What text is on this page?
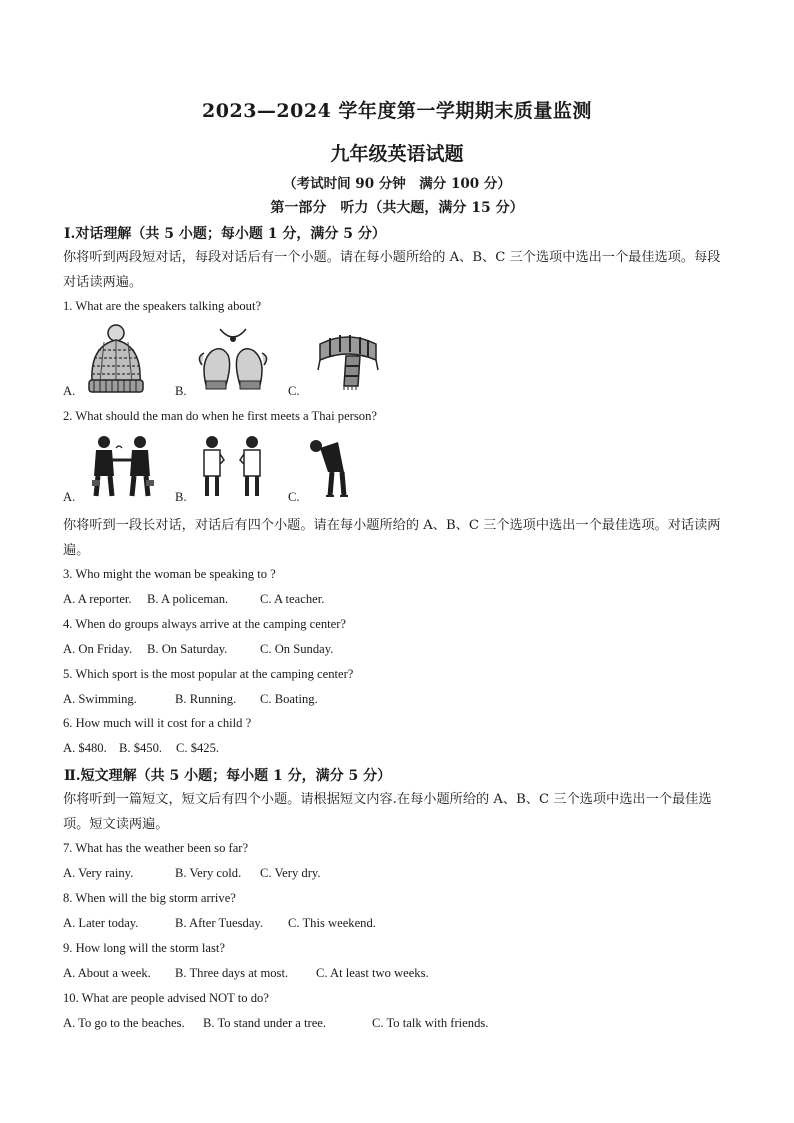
2023—2024 学年度第一学期期末质量监测
九年级英语试题
（考试时间 90 分钟　满分 100 分）
第一部分　听力（共大题，满分 15 分）
Ⅰ.对话理解（共 5 小题；每小题 1 分，满分 5 分）
你将听到两段短对话，每段对话后有一个小题。请在每小题所给的 A、B、C 三个选项中选出一个最佳选项。每段对话读两遍。
1. What are the speakers talking about?
A.	B.	C.
2. What should the man do when he first meets a Thai person?
A.	B.	C.
你将听到一段长对话，对话后有四个小题。请在每小题所给的 A、B、C 三个选项中选出一个最佳选项。对话读两遍。
3. Who might the woman be speaking to ?
A. A reporter. B. A policeman.	C. A teacher.
4. When do groups always arrive at the camping center?
A. On Friday. B. On Saturday.	C. On Sunday.
5. Which sport is the most popular at the camping center?
A. Swimming.	B. Running. C. Boating.
6. How much will it cost for a child ?
A. $480. B. $450. C. $425.
Ⅱ.短文理解（共 5 小题；每小题 1 分，满分 5 分）
你将听到一篇短文，短文后有四个小题。请根据短文内容.在每小题所给的 A、B、C 三个选项中选出一个最佳选项。短文读两遍。
7. What has the weather been so far?
A. Very rainy.	B. Very cold. C. Very dry.
8. When will the big storm arrive?
A. Later today.	B. After Tuesday. C. This weekend.
9. How long will the storm last?
A. About a week. B. Three days at most. C. At least two weeks.
10. What are people advised NOT to do?
A. To go to the beaches. B. To stand under a tree.	C. To talk with friends.
